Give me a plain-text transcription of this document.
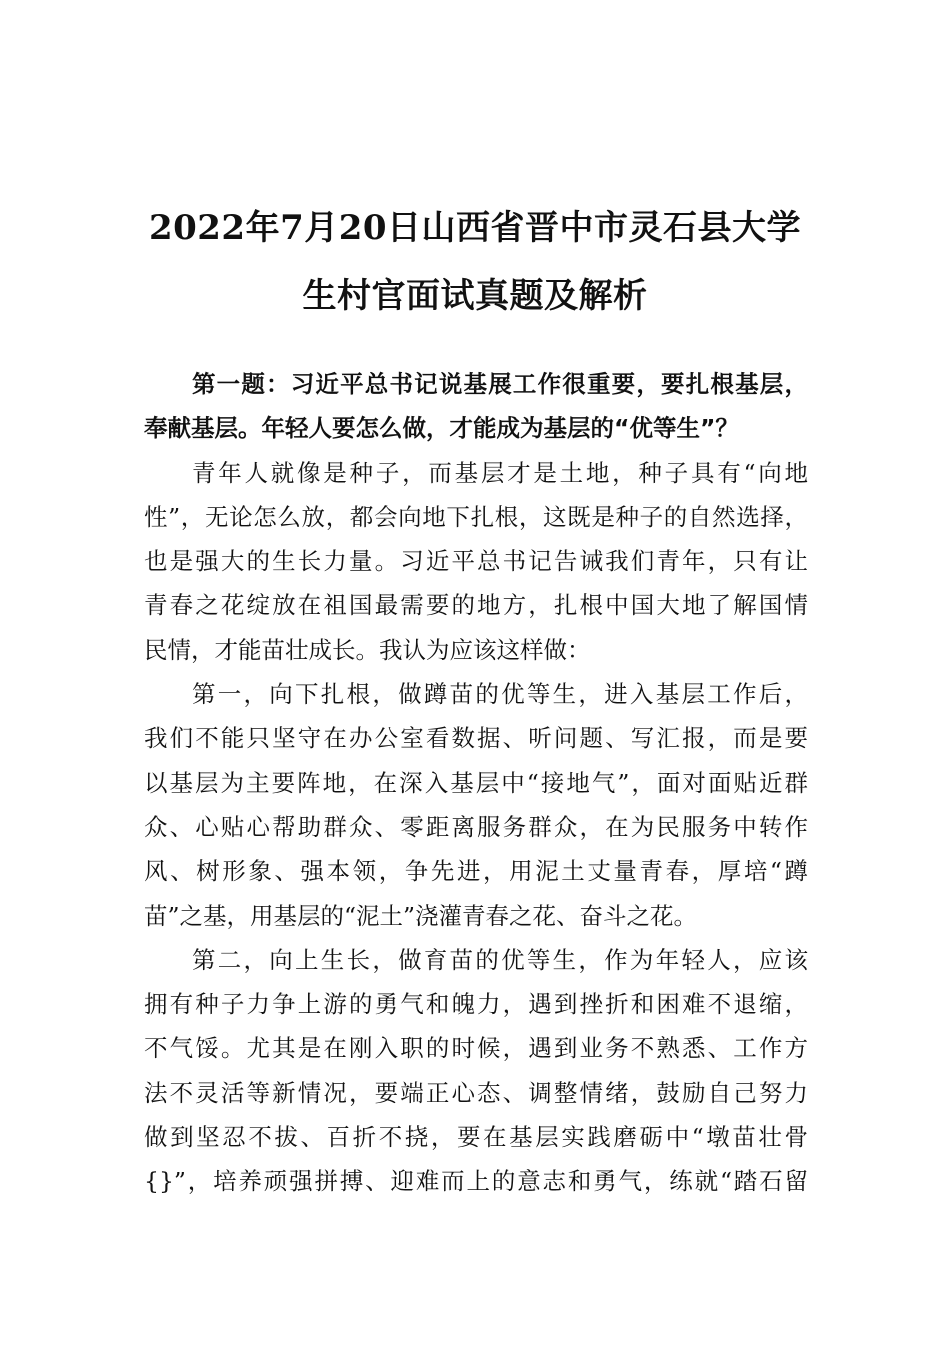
2022年7月20日山西省晋中市灵石县大学
生村官面试真题及解析
第一题：习近平总书记说基展工作很重要，要扎根基层，
奉献基层。年轻人要怎么做，才能成为基层的“优等生”？
青年人就像是种子，而基层才是土地，种子具有“向地
性”，无论怎么放，都会向地下扎根，这既是种子的自然选择，
也是强大的生长力量。习近平总书记告诫我们青年，只有让
青春之花绽放在祖国最需要的地方，扎根中国大地了解国情
民情，才能苗壮成长。我认为应该这样做：
第一，向下扎根，做蹲苗的优等生，进入基层工作后，
我们不能只坚守在办公室看数据、听问题、写汇报，而是要
以基层为主要阵地，在深入基层中“接地气”，面对面贴近群
众、心贴心帮助群众、零距离服务群众，在为民服务中转作
风、树形象、强本领，争先进，用泥土丈量青春，厚培“蹲
苗”之基，用基层的“泥土”浇灌青春之花、奋斗之花。
第二，向上生长，做育苗的优等生，作为年轻人，应该
拥有种子力争上游的勇气和魄力，遇到挫折和困难不退缩，
不气馁。尤其是在刚入职的时候，遇到业务不熟悉、工作方
法不灵活等新情况，要端正心态、调整情绪，鼓励自己努力
做到坚忍不拔、百折不挠，要在基层实践磨砺中“墩苗壮骨
{}”，培养顽强拼搏、迎难而上的意志和勇气，练就“踏石留
